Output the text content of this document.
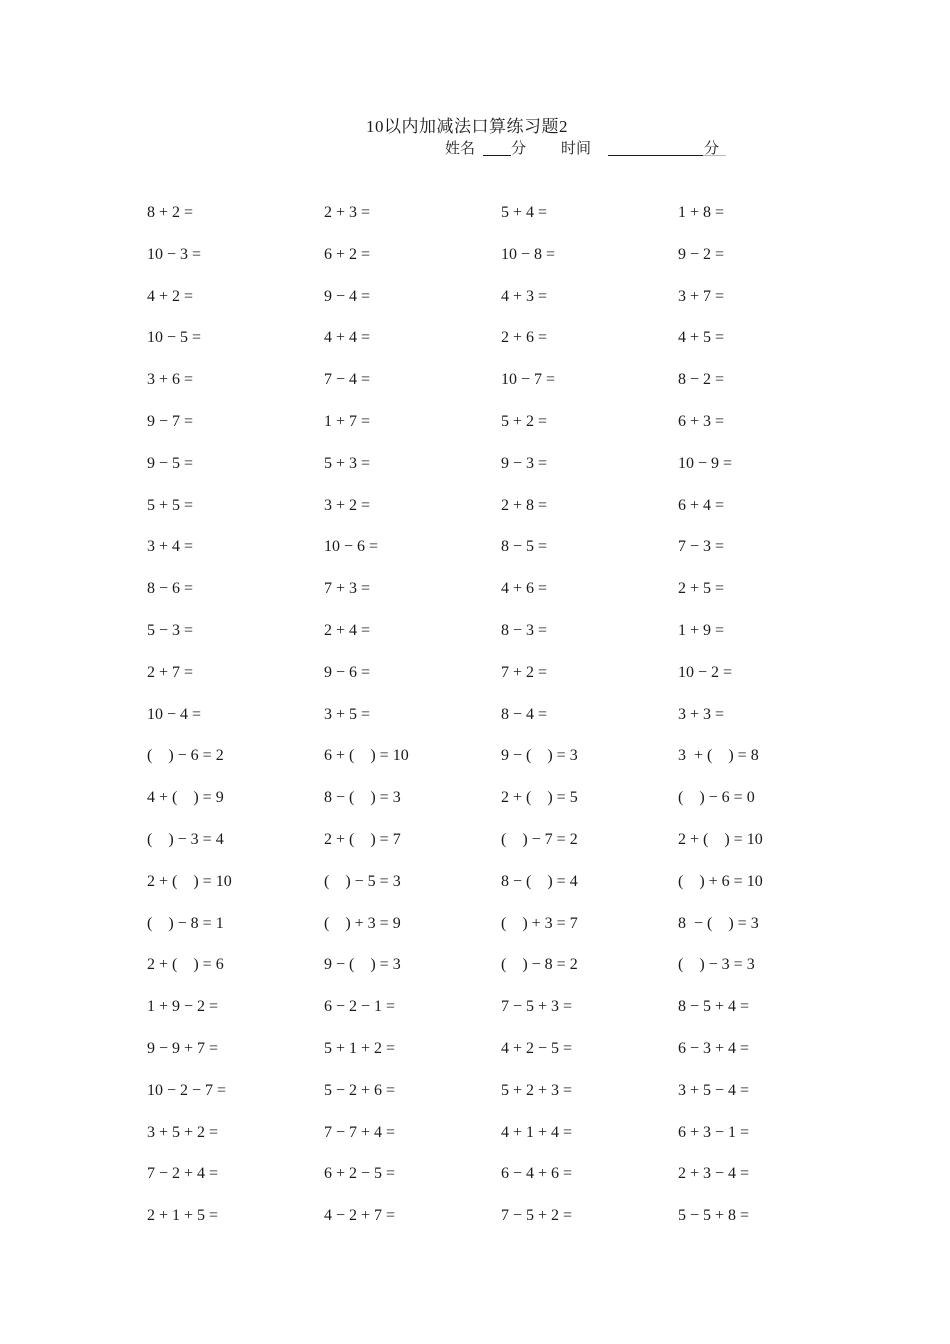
10以内加减法口算练习题2
姓名 分 时间	分
8 + 2 =	2 + 3 =	5 + 4 =	1 + 8 =
10 − 3 =	6 + 2 =	10 − 8 =	9 − 2 =
4 + 2 =	9 − 4 =	4 + 3 =	3 + 7 =
10 − 5 =	4 + 4 =	2 + 6 =	4 + 5 =
3 + 6 =	7 − 4 =	10 − 7 =	8 − 2 =
9 − 7 =	1 + 7 =	5 + 2 =	6 + 3 =
9 − 5 =	5 + 3 =	9 − 3 =	10 − 9 =
5 + 5 =	3 + 2 =	2 + 8 =	6 + 4 =
3 + 4 =	10 − 6 =	8 − 5 =	7 − 3 =
8 − 6 =	7 + 3 =	4 + 6 =	2 + 5 =
5 − 3 =	2 + 4 =	8 − 3 =	1 + 9 =
2 + 7 =	9 − 6 =	7 + 2 =	10 − 2 =
10 − 4 =	3 + 5 =	8 − 4 =	3 + 3 =
(    ) − 6 = 2	6 + (    ) = 10	9 − (    ) = 3	3  + (    ) = 8
4 + (    ) = 9	8 − (    ) = 3	2 + (    ) = 5	(    ) − 6 = 0
(    ) − 3 = 4	2 + (    ) = 7	(    ) − 7 = 2	2 + (    ) = 10
2 + (    ) = 10	(    ) − 5 = 3	8 − (    ) = 4	(    ) + 6 = 10
(    ) − 8 = 1	(    ) + 3 = 9	(    ) + 3 = 7	8  − (    ) = 3
2 + (    ) = 6	9 − (    ) = 3	(    ) − 8 = 2	(    ) − 3 = 3
1 + 9 − 2 =	6 − 2 − 1 =	7 − 5 + 3 =	8 − 5 + 4 =
9 − 9 + 7 =	5 + 1 + 2 =	4 + 2 − 5 =	6 − 3 + 4 =
10 − 2 − 7 =	5 − 2 + 6 =	5 + 2 + 3 =	3 + 5 − 4 =
3 + 5 + 2 =	7 − 7 + 4 =	4 + 1 + 4 =	6 + 3 − 1 =
7 − 2 + 4 =	6 + 2 − 5 =	6 − 4 + 6 =	2 + 3 − 4 =
2 + 1 + 5 =	4 − 2 + 7 =	7 − 5 + 2 =	5 − 5 + 8 =
